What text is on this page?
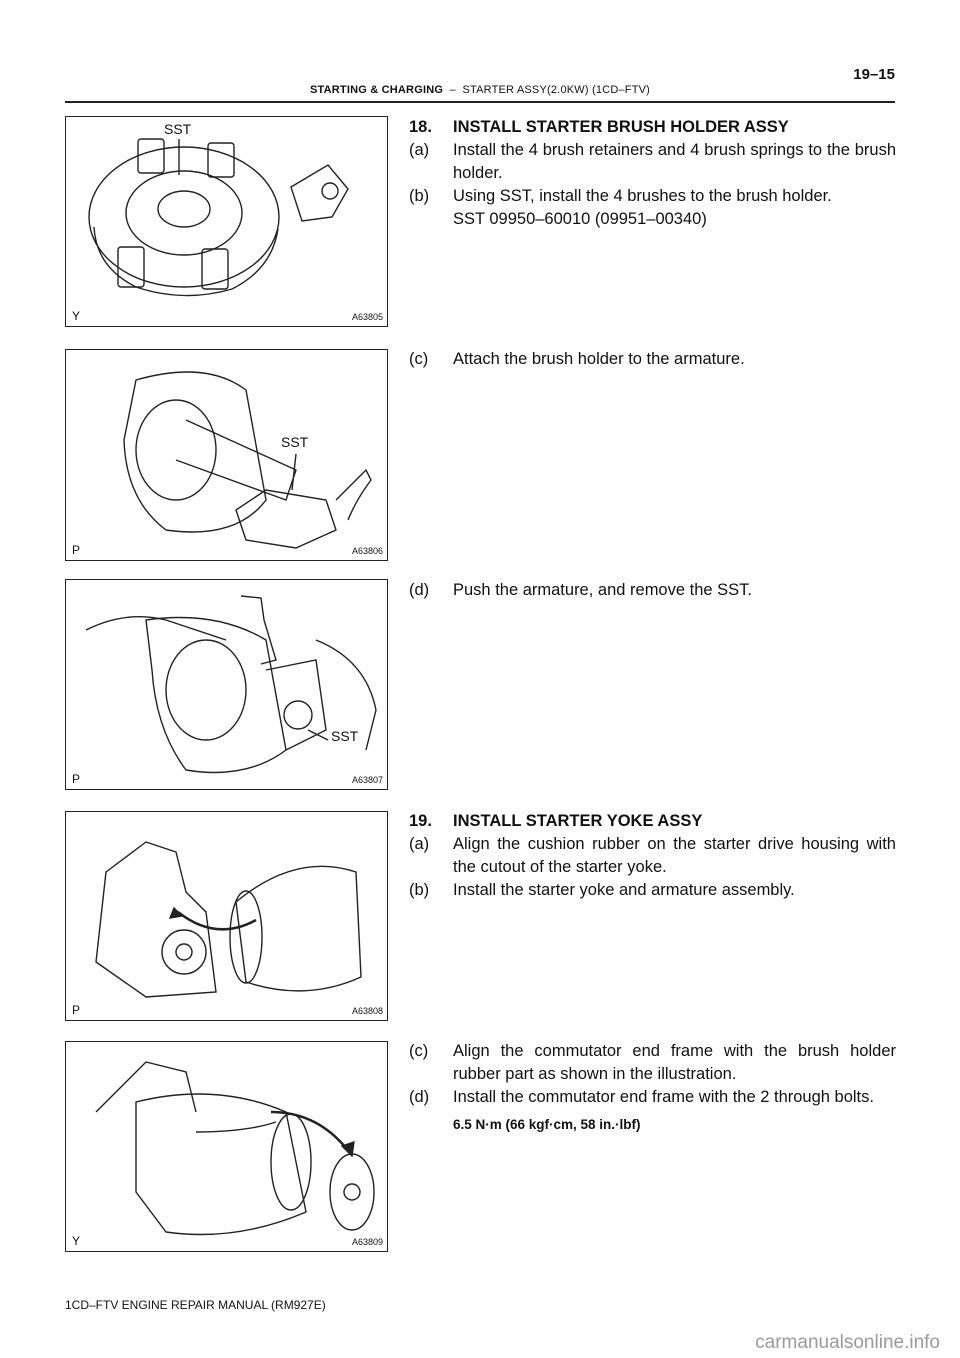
19–15
STARTING & CHARGING – STARTER ASSY(2.0KW) (1CD–FTV)
SST
Y	A63805
SST
P	A63806
SST
P	A63807
P	A63808
Y	A63809
18.	INSTALL STARTER BRUSH HOLDER ASSY
(a)	Install the 4 brush retainers and 4 brush springs to the brush holder.
(b)	Using SST, install the 4 brushes to the brush holder.
SST 09950–60010 (09951–00340)
(c)	Attach the brush holder to the armature.
(d)	Push the armature, and remove the SST.
19.	INSTALL STARTER YOKE ASSY
(a)	Align the cushion rubber on the starter drive housing with the cutout of the starter yoke.
(b)	Install the starter yoke and armature assembly.
(c)	Align the commutator end frame with the brush holder rubber part as shown in the illustration.
(d)	Install the commutator end frame with the 2 through bolts.
6.5 N·m (66 kgf·cm, 58 in.·lbf)
1CD–FTV ENGINE REPAIR MANUAL (RM927E)
carmanualsonline.info
